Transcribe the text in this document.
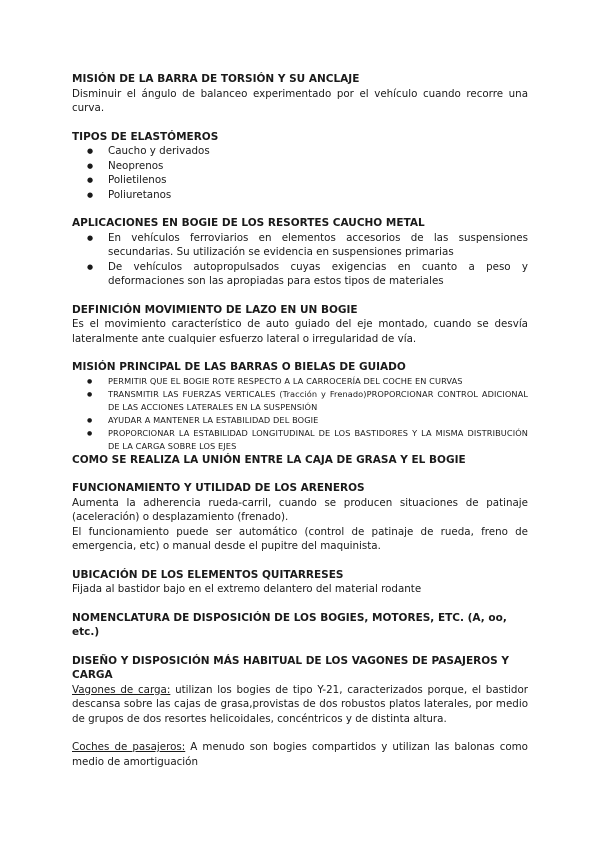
MISIÓN DE LA BARRA DE TORSIÓN Y SU ANCLAJE

Disminuir el ángulo de balanceo experimentado por el vehículo cuando recorre una curva.

TIPOS DE ELASTÓMEROS
● Caucho y derivados
● Neoprenos
● Polietilenos
● Poliuretanos
APLICACIONES EN BOGIE DE LOS RESORTES CAUCHO METAL
● En vehículos ferroviarios en elementos accesorios de las suspensiones secundarias. Su utilización se evidencia en suspensiones primarias
● De vehículos autopropulsados cuyas exigencias en cuanto a peso y deformaciones son las apropiadas para estos tipos de materiales
DEFINICIÓN MOVIMIENTO DE LAZO EN UN BOGIE

Es el movimiento característico de auto guiado del eje montado, cuando se desvía lateralmente ante cualquier esfuerzo lateral o irregularidad de vía.

MISIÓN PRINCIPAL DE LAS BARRAS O BIELAS DE GUIADO
● PERMITIR QUE EL BOGIE ROTE RESPECTO A LA CARROCERÍA DEL COCHE EN CURVAS
● TRANSMITIR LAS FUERZAS VERTICALES (Tracción y Frenado)PROPORCIONAR CONTROL ADICIONAL DE LAS ACCIONES LATERALES EN LA SUSPENSIÓN
● AYUDAR A MANTENER LA ESTABILIDAD DEL BOGIE
● PROPORCIONAR LA ESTABILIDAD LONGITUDINAL DE LOS BASTIDORES Y LA MISMA DISTRIBUCIÓN DE LA CARGA SOBRE LOS EJES
COMO SE REALIZA LA UNIÓN ENTRE LA CAJA DE GRASA Y EL BOGIE
FUNCIONAMIENTO Y UTILIDAD DE LOS ARENEROS

Aumenta la adherencia rueda-carril, cuando se producen situaciones de patinaje (aceleración) o desplazamiento (frenado).

El funcionamiento puede ser automático (control de patinaje de rueda, freno de emergencia, etc) o manual desde el pupitre del maquinista.

UBICACIÓN DE LOS ELEMENTOS QUITARRESES

Fijada al bastidor bajo en el extremo delantero del material rodante

NOMENCLATURA DE DISPOSICIÓN DE LOS BOGIES, MOTORES, ETC. (A, oo, etc.)
DISEÑO Y DISPOSICIÓN MÁS HABITUAL DE LOS VAGONES DE PASAJEROS Y CARGA

Vagones de carga: utilizan los bogies de tipo Y-21, caracterizados porque, el bastidor descansa sobre las cajas de grasa,provistas de dos robustos platos laterales, por medio de grupos de dos resortes helicoidales, concéntricos y de distinta altura.

Coches de pasajeros: A menudo son bogies compartidos y utilizan las balonas como medio de amortiguación
